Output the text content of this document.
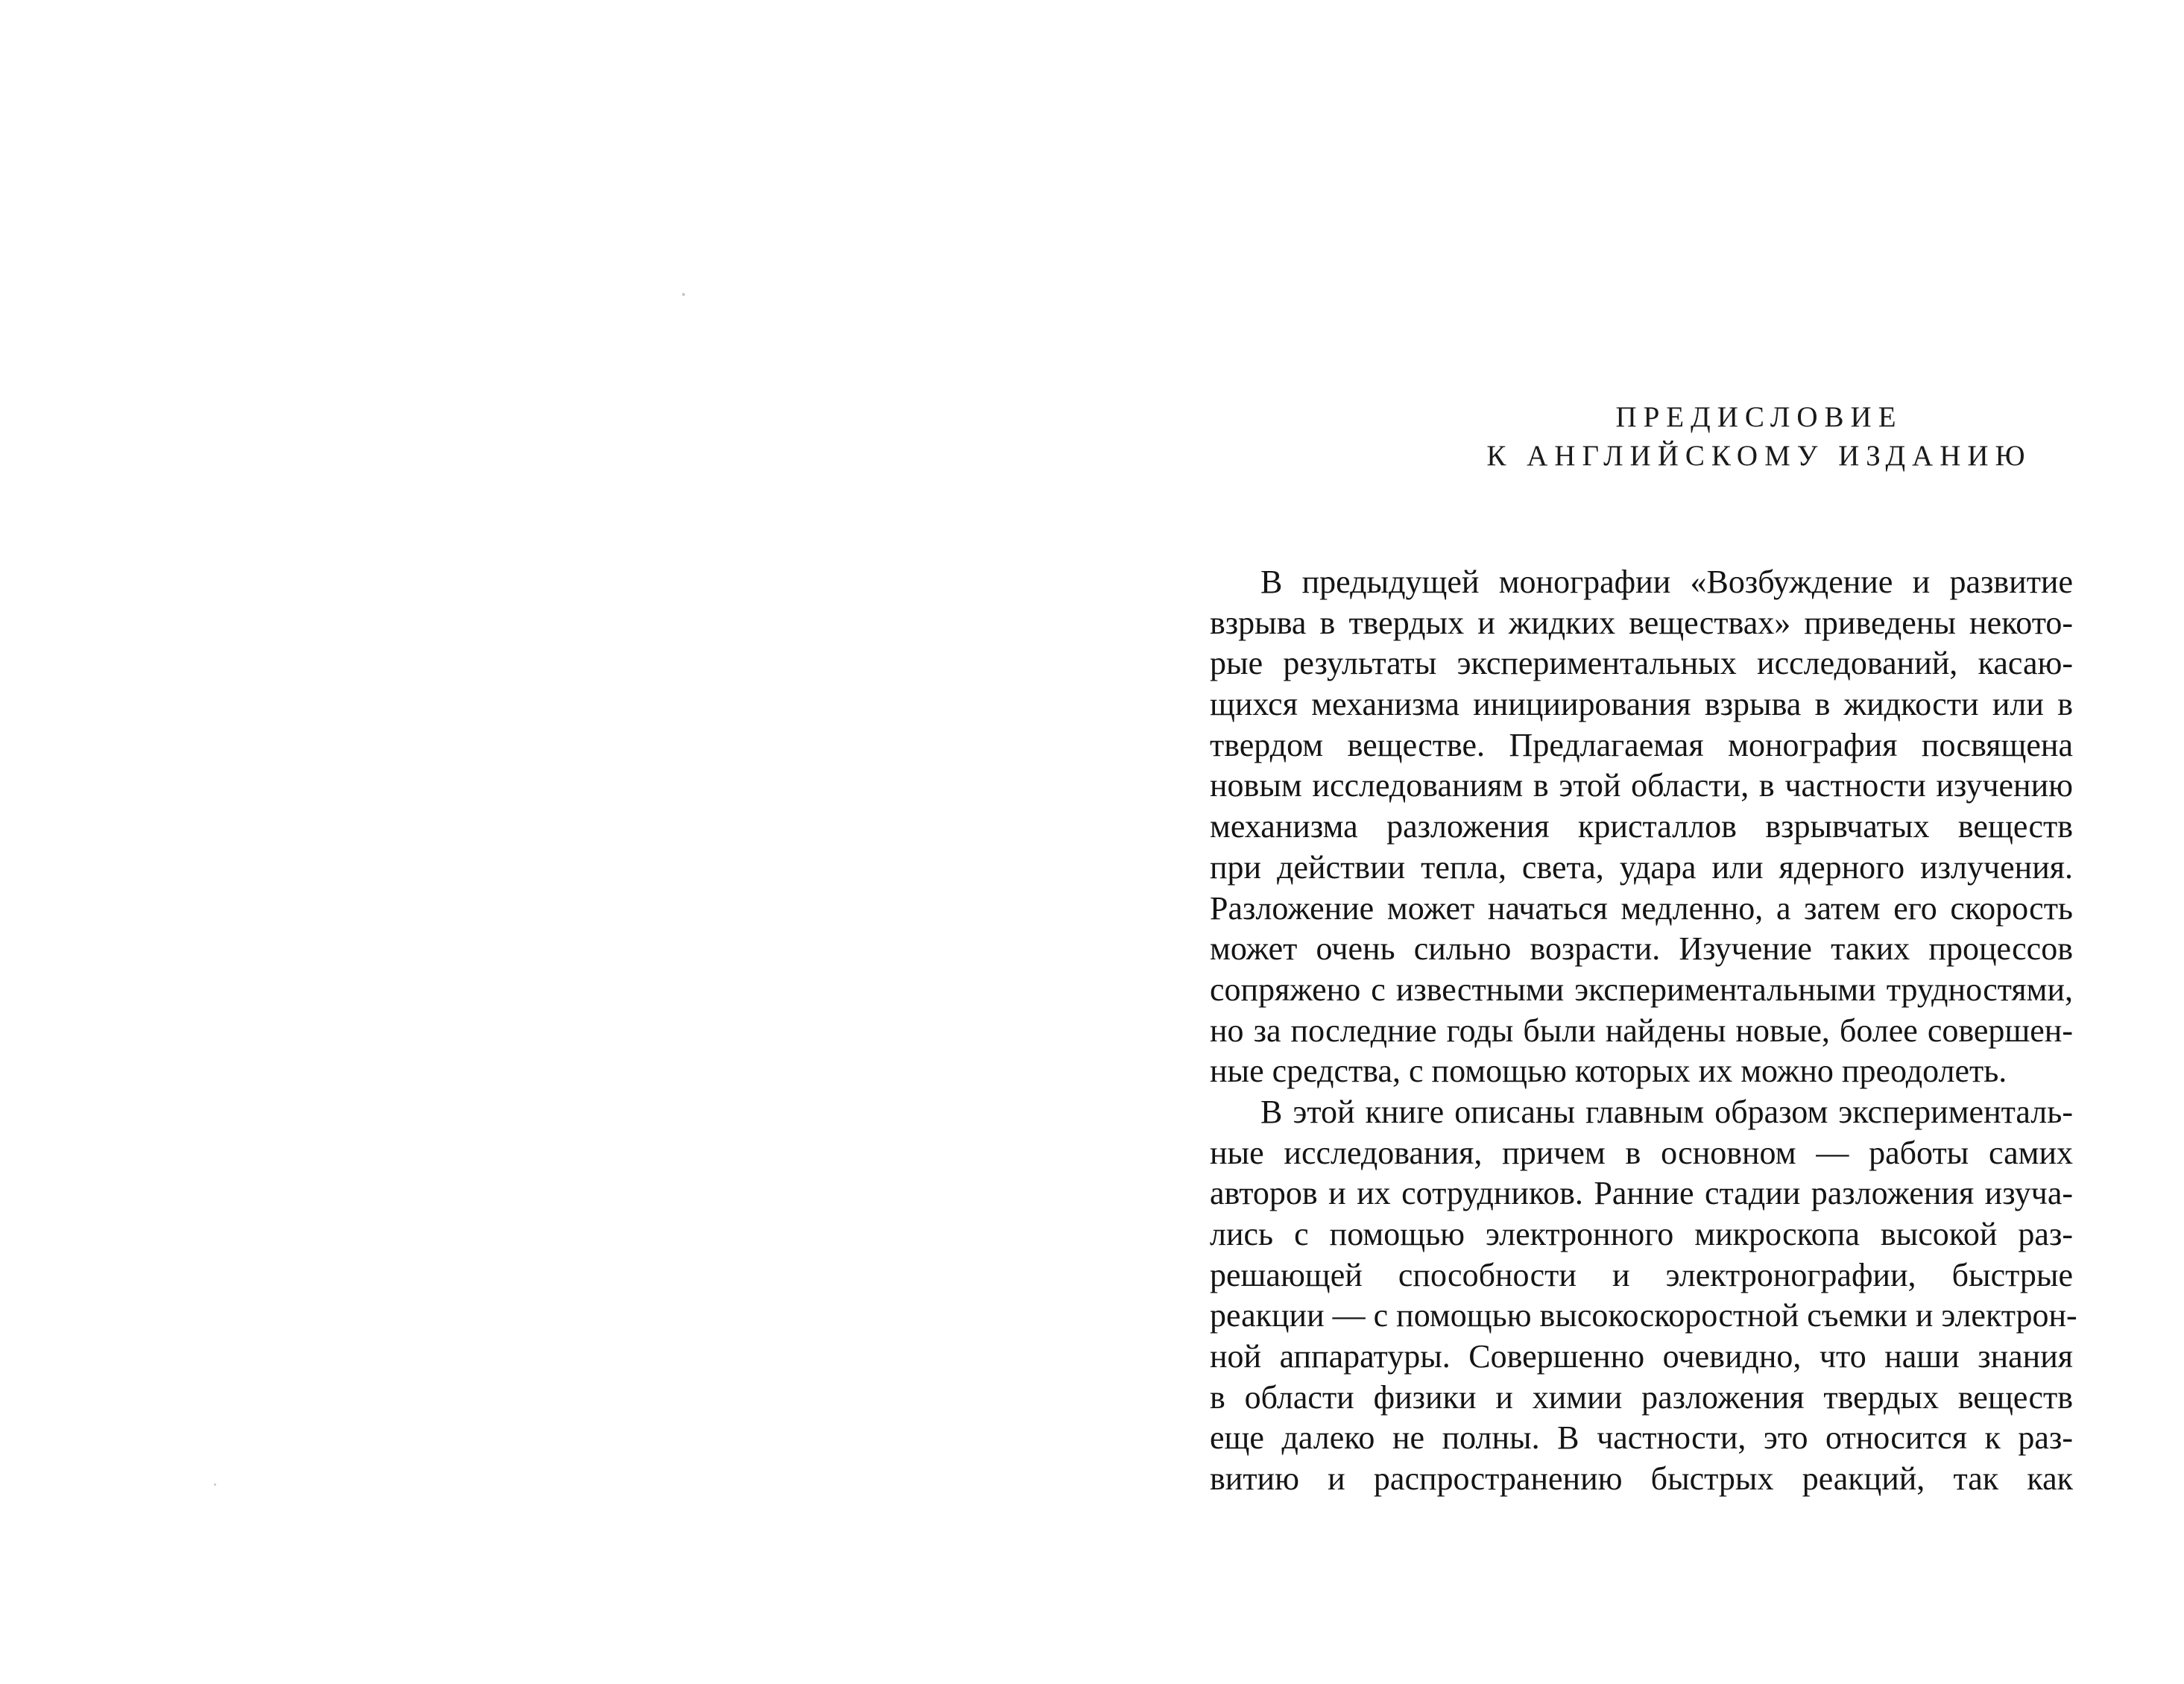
ПРЕДИСЛОВИЕ
К АНГЛИЙСКОМУ ИЗДАНИЮ
В предыдущей монографии «Возбуждение и развитие
взрыва в твердых и жидких веществах» приведены некото-
рые результаты экспериментальных исследований, касаю-
щихся механизма инициирования взрыва в жидкости или в
твердом веществе. Предлагаемая монография посвящена
новым исследованиям в этой области, в частности изучению
механизма разложения кристаллов взрывчатых веществ
при действии тепла, света, удара или ядерного излучения.
Разложение может начаться медленно, а затем его скорость
может очень сильно возрасти. Изучение таких процессов
сопряжено с известными экспериментальными трудностями,
но за последние годы были найдены новые, более совершен-
ные средства, с помощью которых их можно преодолеть.
В этой книге описаны главным образом эксперименталь-
ные исследования, причем в основном — работы самих
авторов и их сотрудников. Ранние стадии разложения изуча-
лись с помощью электронного микроскопа высокой раз-
решающей способности и электронографии, быстрые
реакции — с помощью высокоскоростной съемки и электрон-
ной аппаратуры. Совершенно очевидно, что наши знания
в области физики и химии разложения твердых веществ
еще далеко не полны. В частности, это относится к раз-
витию и распространению быстрых реакций, так как
